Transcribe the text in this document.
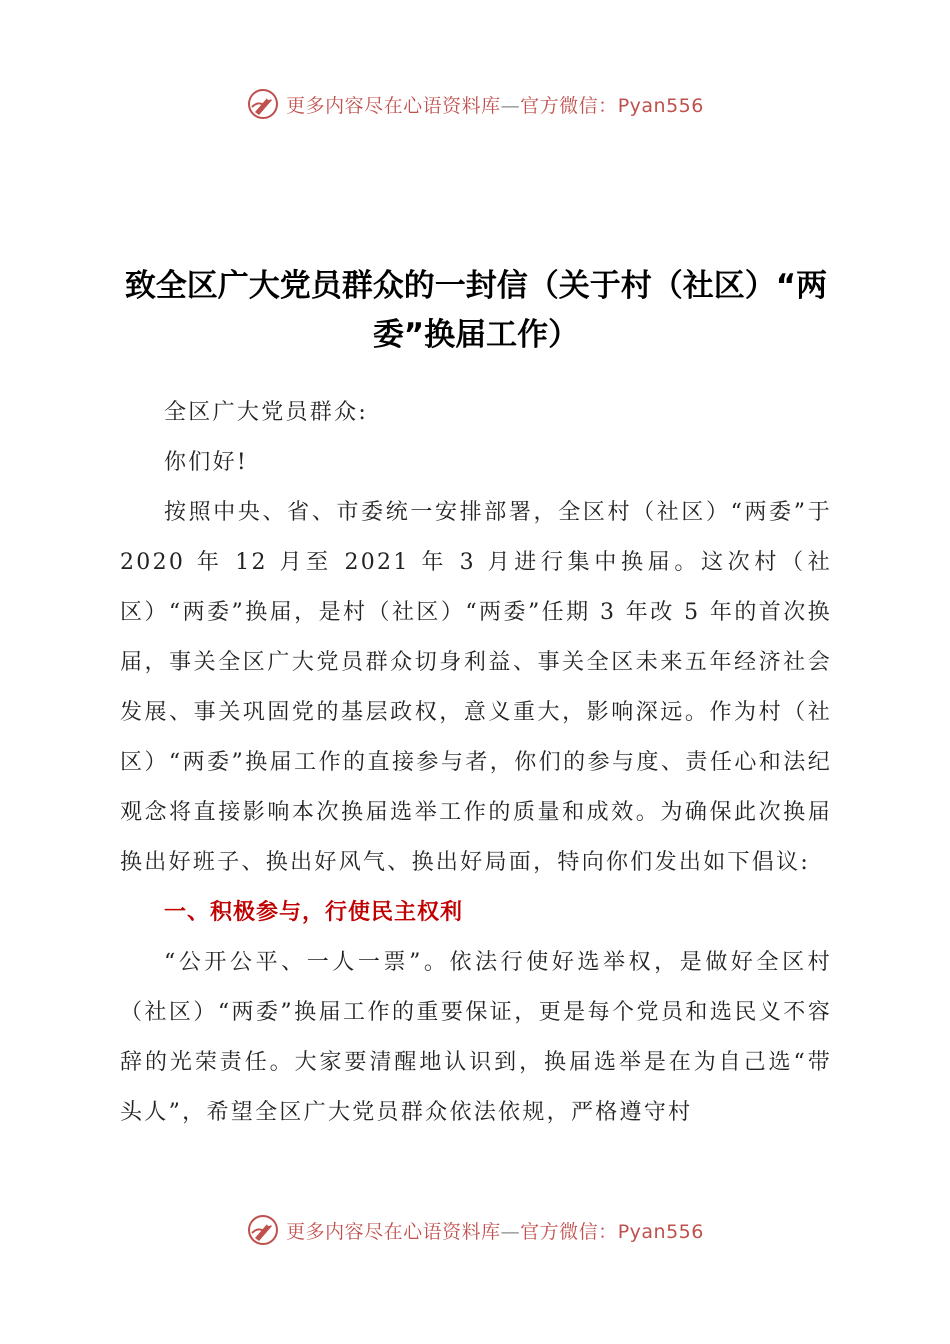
更多内容尽在心语资料库—官方微信：Pyan556
致全区广大党员群众的一封信（关于村（社区）“两委”换届工作）

全区广大党员群众:

你们好!

按照中央、省、市委统一安排部署，全区村（社区）“两委”于 2020 年 12 月至 2021 年 3 月进行集中换届。这次村（社区）“两委”换届，是村（社区）“两委”任期 3 年改 5 年的首次换届，事关全区广大党员群众切身利益、事关全区未来五年经济社会发展、事关巩固党的基层政权，意义重大，影响深远。作为村（社区）“两委”换届工作的直接参与者，你们的参与度、责任心和法纪观念将直接影响本次换届选举工作的质量和成效。为确保此次换届换出好班子、换出好风气、换出好局面，特向你们发出如下倡议:

一、积极参与，行使民主权利

“公开公平、一人一票”。依法行使好选举权，是做好全区村（社区）“两委”换届工作的重要保证，更是每个党员和选民义不容辞的光荣责任。大家要清醒地认识到，换届选举是在为自己选“带头人”，希望全区广大党员群众依法依规，严格遵守村

更多内容尽在心语资料库—官方微信：Pyan556
